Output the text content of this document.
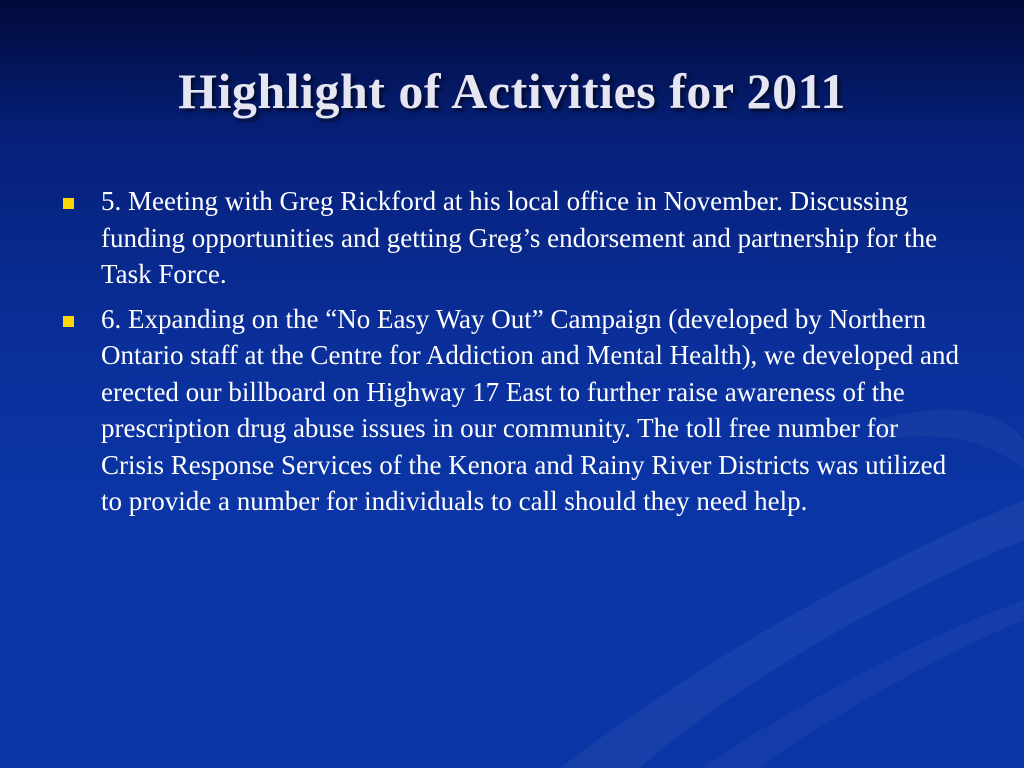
Highlight of Activities for 2011
5. Meeting with Greg Rickford at his local office in November. Discussing funding opportunities and getting Greg’s endorsement and partnership for the Task Force.
6. Expanding on the “No Easy Way Out” Campaign (developed by Northern Ontario staff at the Centre for Addiction and Mental Health), we developed and erected our billboard on Highway 17 East to further raise awareness of the prescription drug abuse issues in our community. The toll free number for Crisis Response Services of the Kenora and Rainy River Districts was utilized to provide a number for individuals to call should they need help.
